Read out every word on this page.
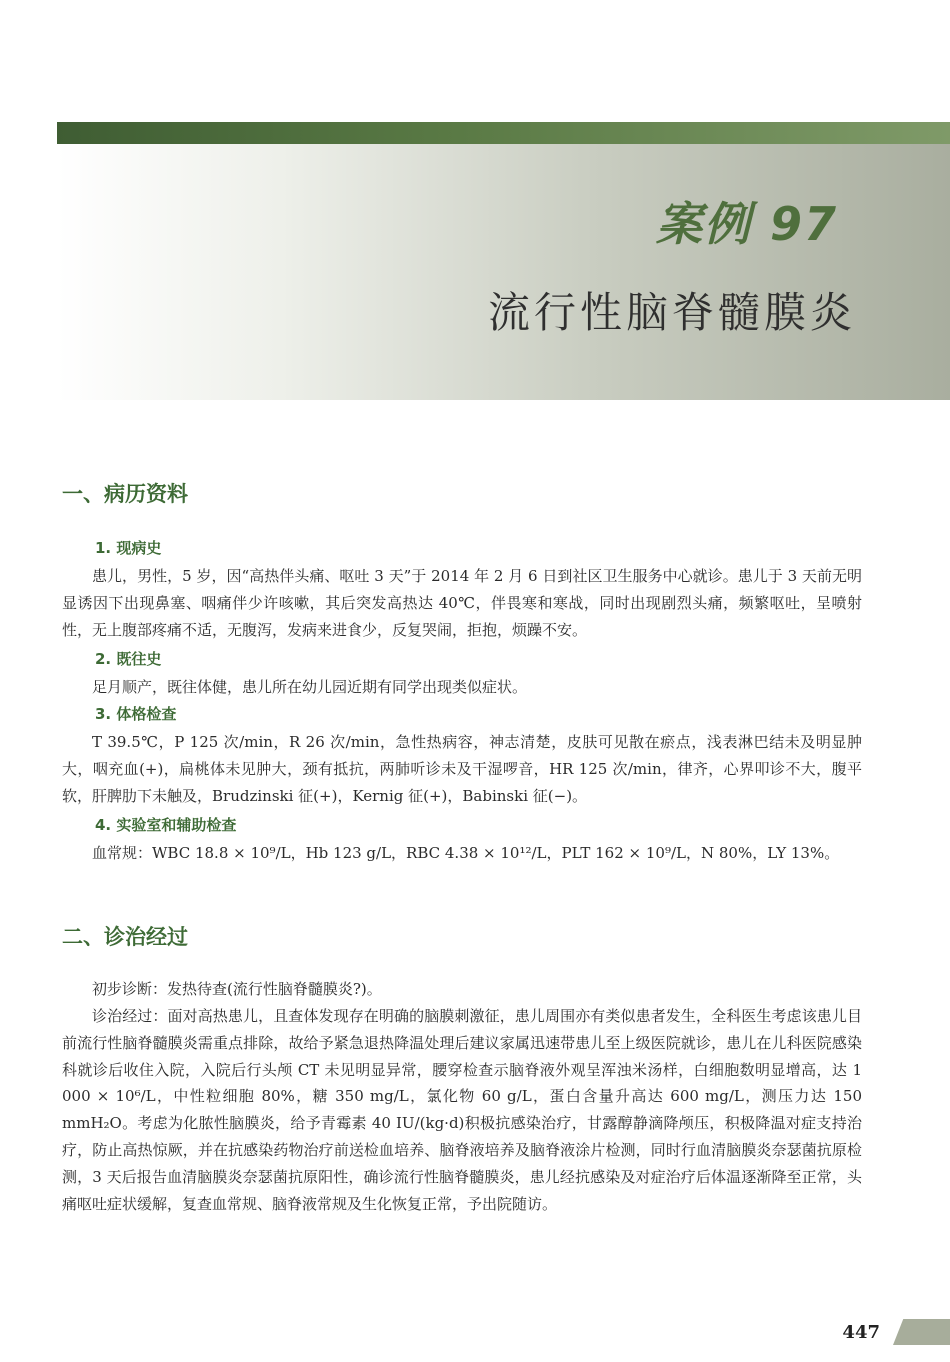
案例 97
流行性脑脊髓膜炎
一、病历资料
1. 现病史

患儿，男性，5 岁，因“高热伴头痛、呕吐 3 天”于 2014 年 2 月 6 日到社区卫生服务中心就诊。患儿于 3 天前无明显诱因下出现鼻塞、咽痛伴少许咳嗽，其后突发高热达 40℃，伴畏寒和寒战，同时出现剧烈头痛，频繁呕吐，呈喷射性，无上腹部疼痛不适，无腹泻，发病来进食少，反复哭闹，拒抱，烦躁不安。

2. 既往史

足月顺产，既往体健，患儿所在幼儿园近期有同学出现类似症状。

3. 体格检查

T 39.5℃，P 125 次/min，R 26 次/min，急性热病容，神志清楚，皮肤可见散在瘀点，浅表淋巴结未及明显肿大，咽充血(+)，扁桃体未见肿大，颈有抵抗，两肺听诊未及干湿啰音，HR 125 次/min，律齐，心界叩诊不大，腹平软，肝脾肋下未触及，Brudzinski 征(+)，Kernig 征(+)，Babinski 征(−)。

4. 实验室和辅助检查

血常规：WBC 18.8 × 10⁹/L，Hb 123 g/L，RBC 4.38 × 10¹²/L，PLT 162 × 10⁹/L，N 80%，LY 13%。

二、诊治经过

初步诊断：发热待查(流行性脑脊髓膜炎?)。

诊治经过：面对高热患儿，且查体发现存在明确的脑膜刺激征，患儿周围亦有类似患者发生，全科医生考虑该患儿目前流行性脑脊髓膜炎需重点排除，故给予紧急退热降温处理后建议家属迅速带患儿至上级医院就诊，患儿在儿科医院感染科就诊后收住入院，入院后行头颅 CT 未见明显异常，腰穿检查示脑脊液外观呈浑浊米汤样，白细胞数明显增高，达 1 000 × 10⁶/L，中性粒细胞 80%，糖 350 mg/L，氯化物 60 g/L，蛋白含量升高达 600 mg/L，测压力达 150 mmH₂O。考虑为化脓性脑膜炎，给予青霉素 40 IU/(kg·d)积极抗感染治疗，甘露醇静滴降颅压，积极降温对症支持治疗，防止高热惊厥，并在抗感染药物治疗前送检血培养、脑脊液培养及脑脊液涂片检测，同时行血清脑膜炎奈瑟菌抗原检测，3 天后报告血清脑膜炎奈瑟菌抗原阳性，确诊流行性脑脊髓膜炎，患儿经抗感染及对症治疗后体温逐渐降至正常，头痛呕吐症状缓解，复查血常规、脑脊液常规及生化恢复正常，予出院随访。

447
